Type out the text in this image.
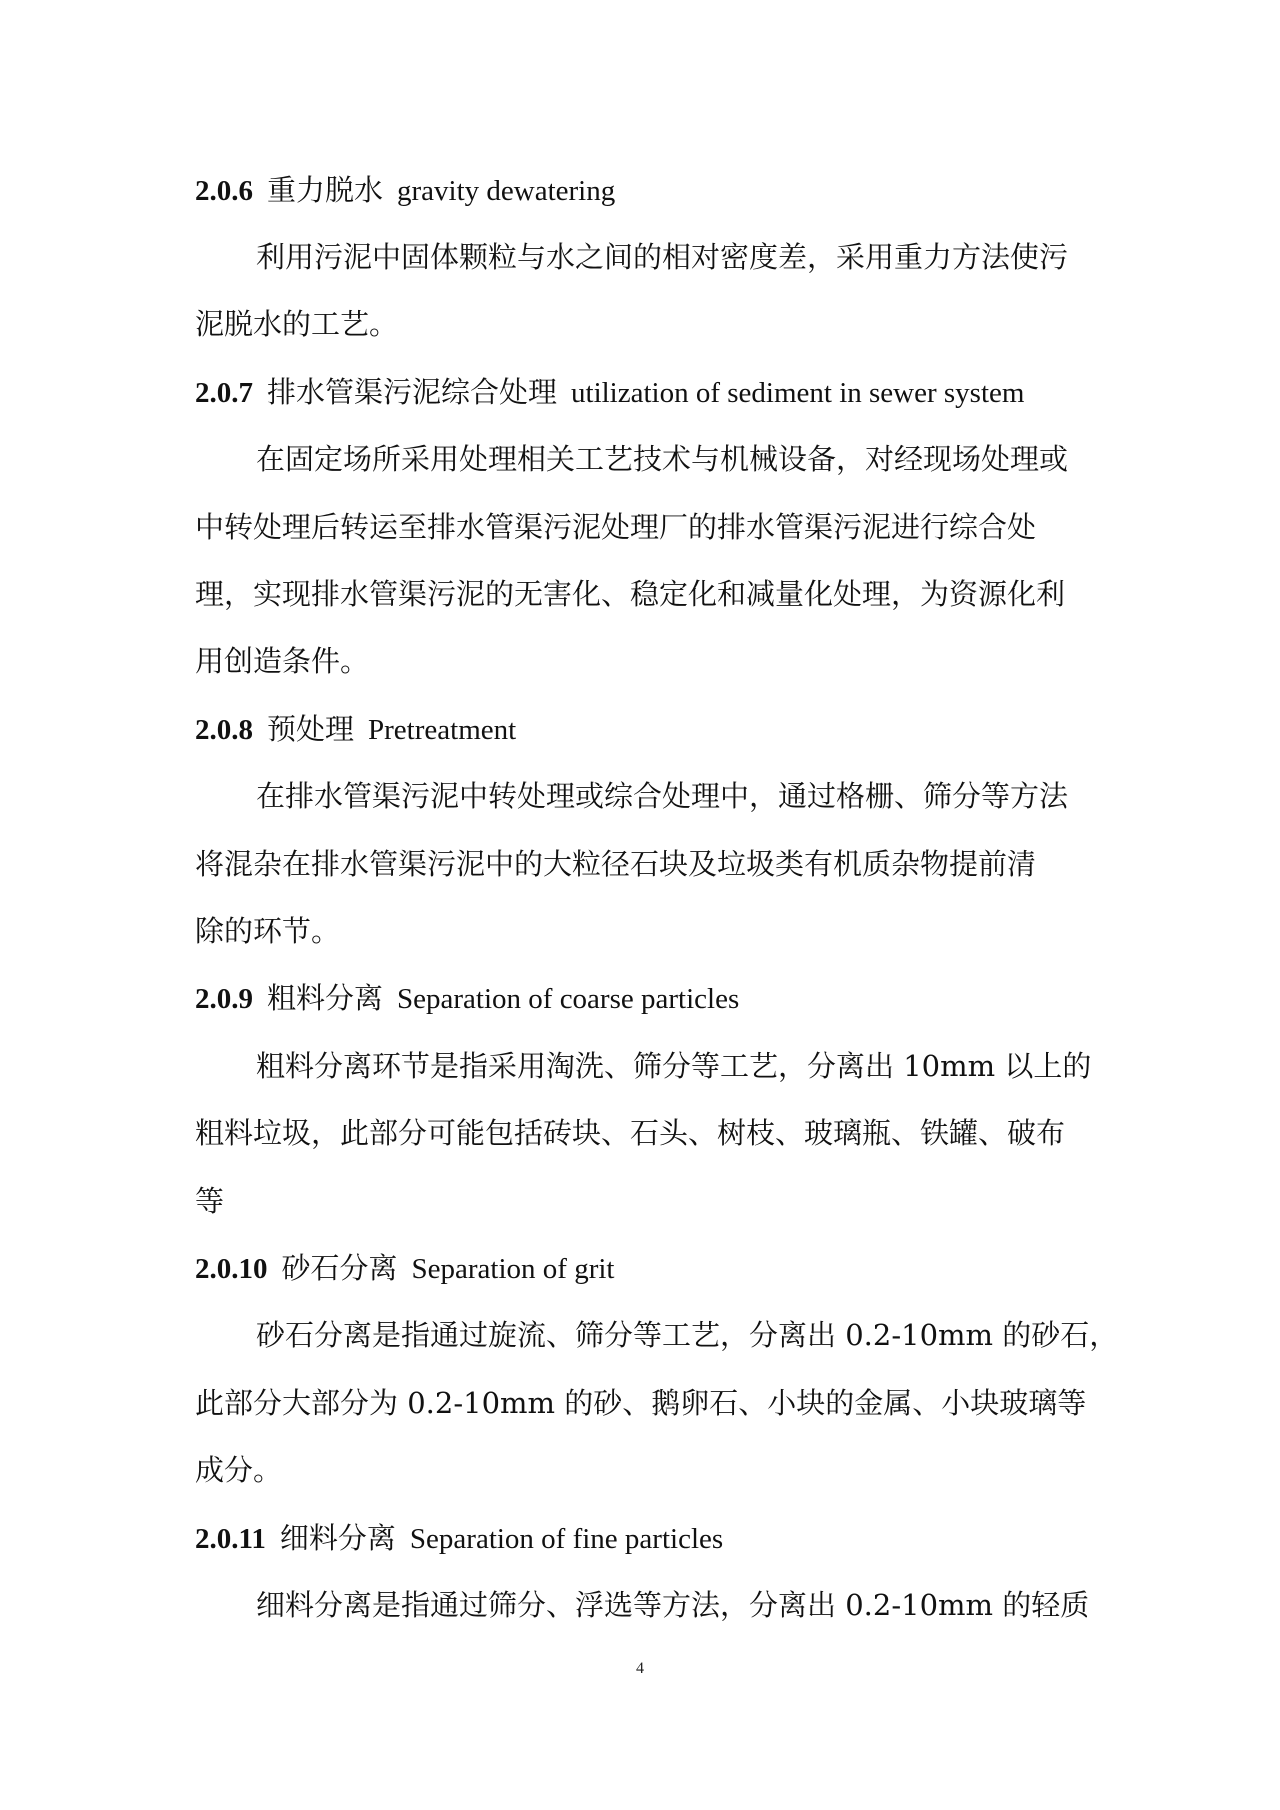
2.0.6 重力脱水 gravity dewatering
利用污泥中固体颗粒与水之间的相对密度差，采用重力方法使污
泥脱水的工艺。
2.0.7 排水管渠污泥综合处理 utilization of sediment in sewer system
在固定场所采用处理相关工艺技术与机械设备，对经现场处理或
中转处理后转运至排水管渠污泥处理厂的排水管渠污泥进行综合处
理，实现排水管渠污泥的无害化、稳定化和减量化处理，为资源化利
用创造条件。
2.0.8 预处理 Pretreatment
在排水管渠污泥中转处理或综合处理中，通过格栅、筛分等方法
将混杂在排水管渠污泥中的大粒径石块及垃圾类有机质杂物提前清
除的环节。
2.0.9 粗料分离 Separation of coarse particles
粗料分离环节是指采用淘洗、筛分等工艺，分离出 10mm 以上的
粗料垃圾，此部分可能包括砖块、石头、树枝、玻璃瓶、铁罐、破布
等
2.0.10 砂石分离 Separation of grit
砂石分离是指通过旋流、筛分等工艺，分离出 0.2-10mm 的砂石，
此部分大部分为 0.2-10mm 的砂、鹅卵石、小块的金属、小块玻璃等
成分。
2.0.11 细料分离 Separation of fine particles
细料分离是指通过筛分、浮选等方法，分离出 0.2-10mm 的轻质
4
